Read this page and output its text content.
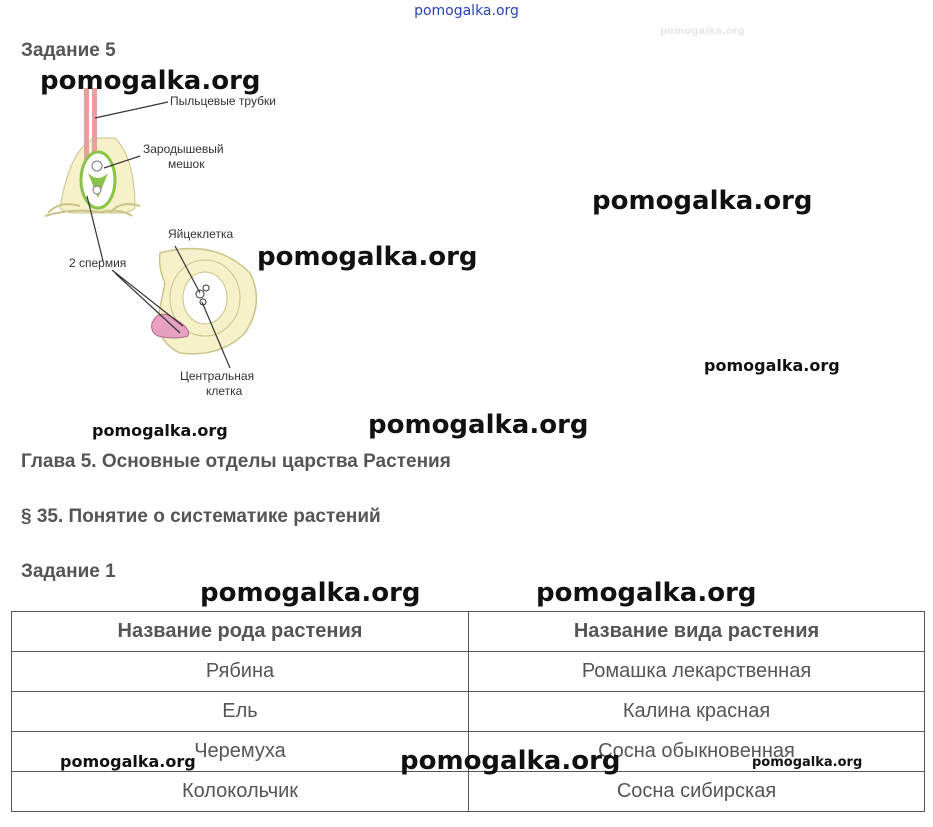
pomogalka.org
Задание 5
Пыльцевые трубки
Зародышевый
мешок
Яйцеклетка
2 спермия
Центральная
клетка
Глава 5. Основные отделы царства Растения
§ 35. Понятие о систематике растений
Задание 1
Название рода растения	Название вида растения
Рябина	Ромашка лекарственная
Ель	Калина красная
Черемуха	Сосна обыкновенная
Колокольчик	Сосна сибирская
pomogalka.org
pomogalka.org
pomogalka.org
pomogalka.org
pomogalka.org
pomogalka.org
pomogalka.org	pomogalka.org
pomogalka.org	pomogalka.org	pomogalka.org
pomogalka.org
